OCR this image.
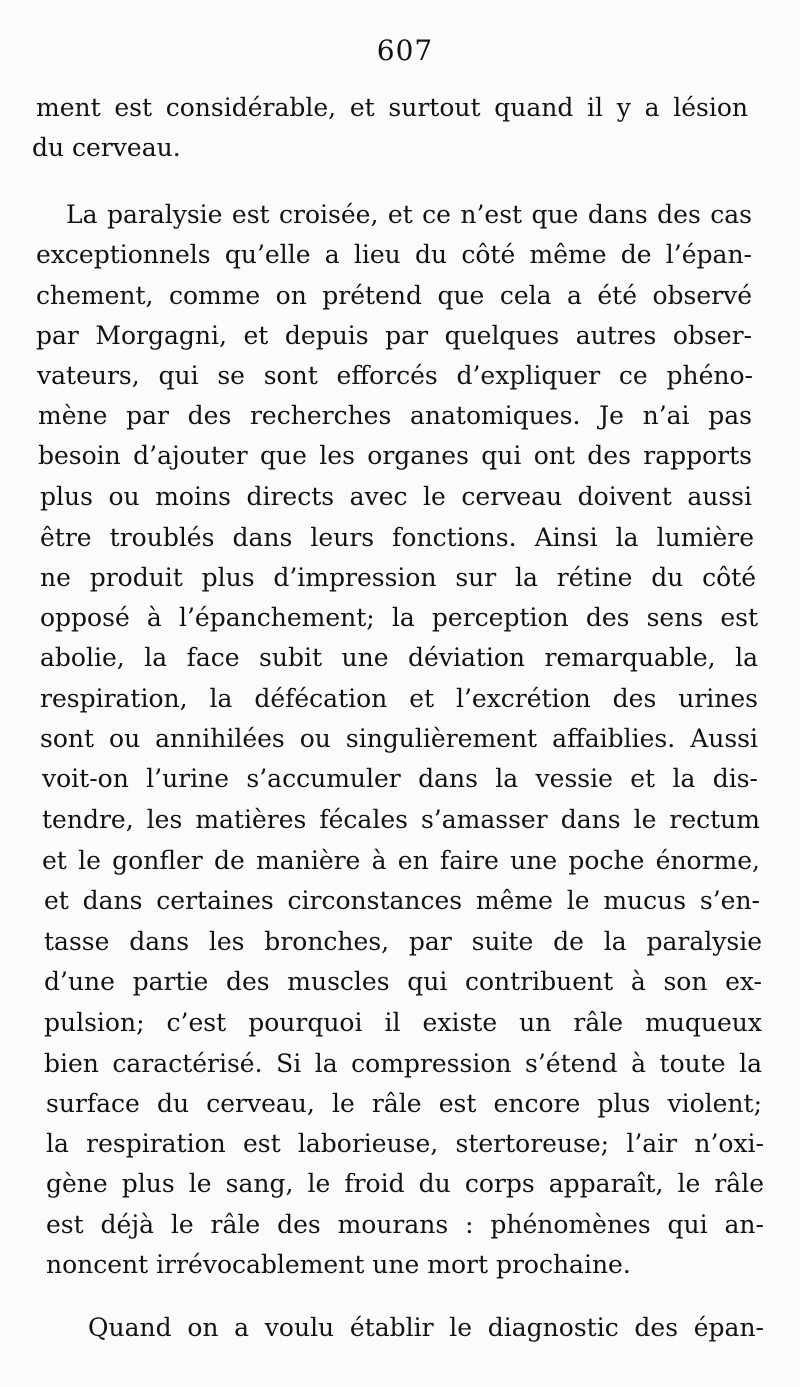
607
ment est considérable, et surtout quand il y a lésion
du cerveau.
La paralysie est croisée, et ce n’est que dans des cas
exceptionnels qu’elle a lieu du côté même de l’épan-
chement, comme on prétend que cela a été observé
par Morgagni, et depuis par quelques autres obser-
vateurs, qui se sont efforcés d’expliquer ce phéno-
mène par des recherches anatomiques. Je n’ai pas
besoin d’ajouter que les organes qui ont des rapports
plus ou moins directs avec le cerveau doivent aussi
être troublés dans leurs fonctions. Ainsi la lumière
ne produit plus d’impression sur la rétine du côté
opposé à l’épanchement; la perception des sens est
abolie, la face subit une déviation remarquable, la
respiration, la défécation et l’excrétion des urines
sont ou annihilées ou singulièrement affaiblies. Aussi
voit-on l’urine s’accumuler dans la vessie et la dis-
tendre, les matières fécales s’amasser dans le rectum
et le gonfler de manière à en faire une poche énorme,
et dans certaines circonstances même le mucus s’en-
tasse dans les bronches, par suite de la paralysie
d’une partie des muscles qui contribuent à son ex-
pulsion; c’est pourquoi il existe un râle muqueux
bien caractérisé. Si la compression s’étend à toute la
surface du cerveau, le râle est encore plus violent;
la respiration est laborieuse, stertoreuse; l’air n’oxi-
gène plus le sang, le froid du corps apparaît, le râle
est déjà le râle des mourans : phénomènes qui an-
noncent irrévocablement une mort prochaine.
Quand on a voulu établir le diagnostic des épan-
